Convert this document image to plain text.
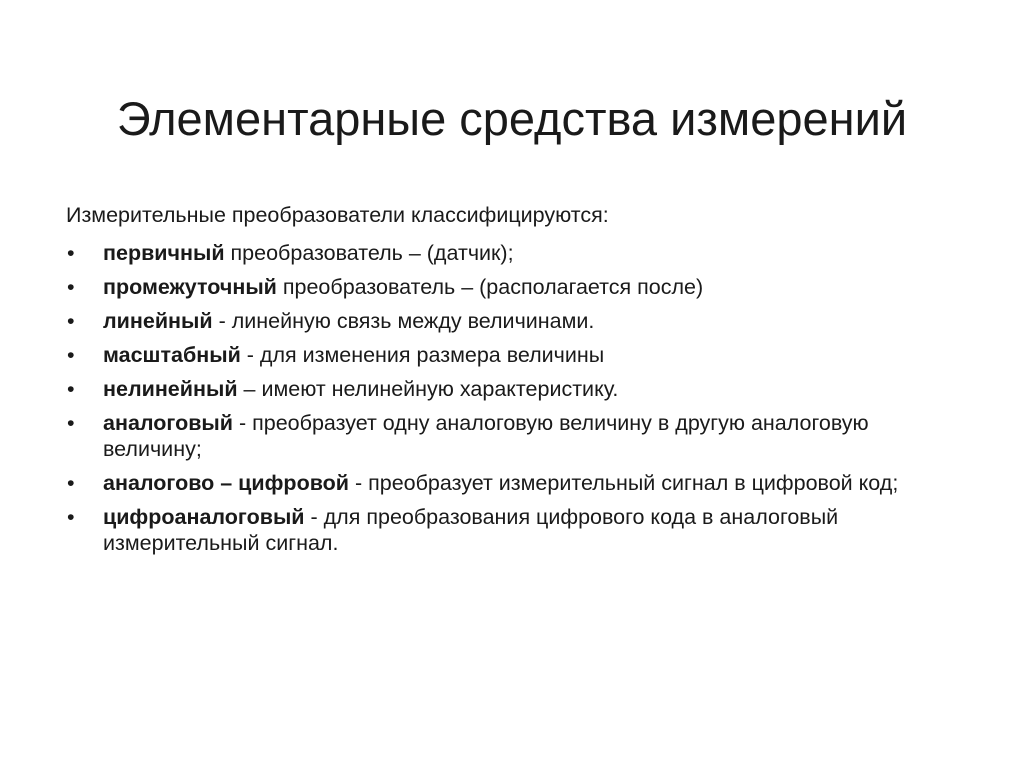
Элементарные средства измерений

Измерительные преобразователи классифицируются:

• первичный преобразователь – (датчик);
• промежуточный преобразователь – (располагается после)
• линейный - линейную связь между величинами.
• масштабный - для изменения размера величины
• нелинейный – имеют нелинейную характеристику.
• аналоговый - преобразует одну аналоговую величину в другую аналоговую величину;
• аналогово – цифровой - преобразует измерительный сигнал в цифровой код;
• цифроаналоговый - для преобразования цифрового кода в аналоговый измерительный сигнал.
